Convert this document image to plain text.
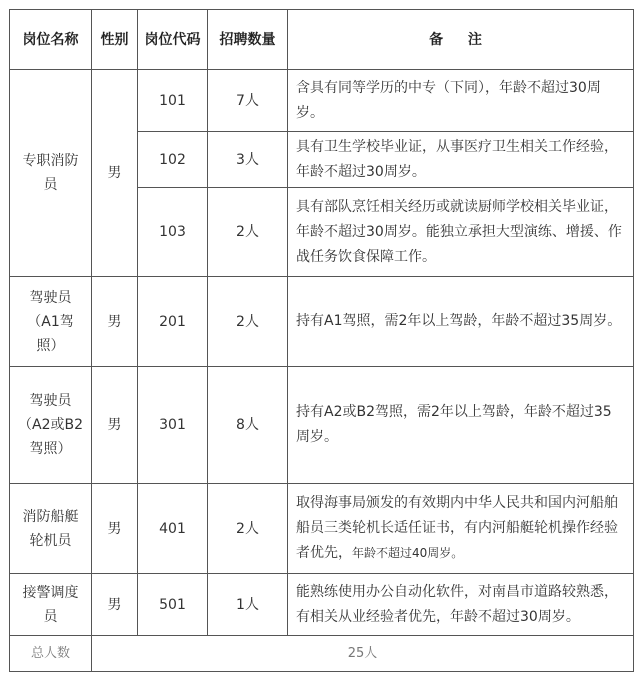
岗位名称	性别	岗位代码	招聘数量	备 注
专职消防员	男	101	7人	含具有同等学历的中专（下同），年龄不超过30周岁。
		102	3人	具有卫生学校毕业证，从事医疗卫生相关工作经验，年龄不超过30周岁。
		103	2人	具有部队烹饪相关经历或就读厨师学校相关毕业证，年龄不超过30周岁。能独立承担大型演练、增援、作战任务饮食保障工作。
驾驶员（A1驾照）	男	201	2人	持有A1驾照，需2年以上驾龄，年龄不超过35周岁。
驾驶员（A2或B2驾照）	男	301	8人	持有A2或B2驾照，需2年以上驾龄，年龄不超过35周岁。
消防船艇轮机员	男	401	2人	取得海事局颁发的有效期内中华人民共和国内河船舶船员三类轮机长适任证书，有内河船艇轮机操作经验者优先，年龄不超过40周岁。
接警调度员	男	501	1人	能熟练使用办公自动化软件，对南昌市道路较熟悉，有相关从业经验者优先，年龄不超过30周岁。
总人数	25人			
